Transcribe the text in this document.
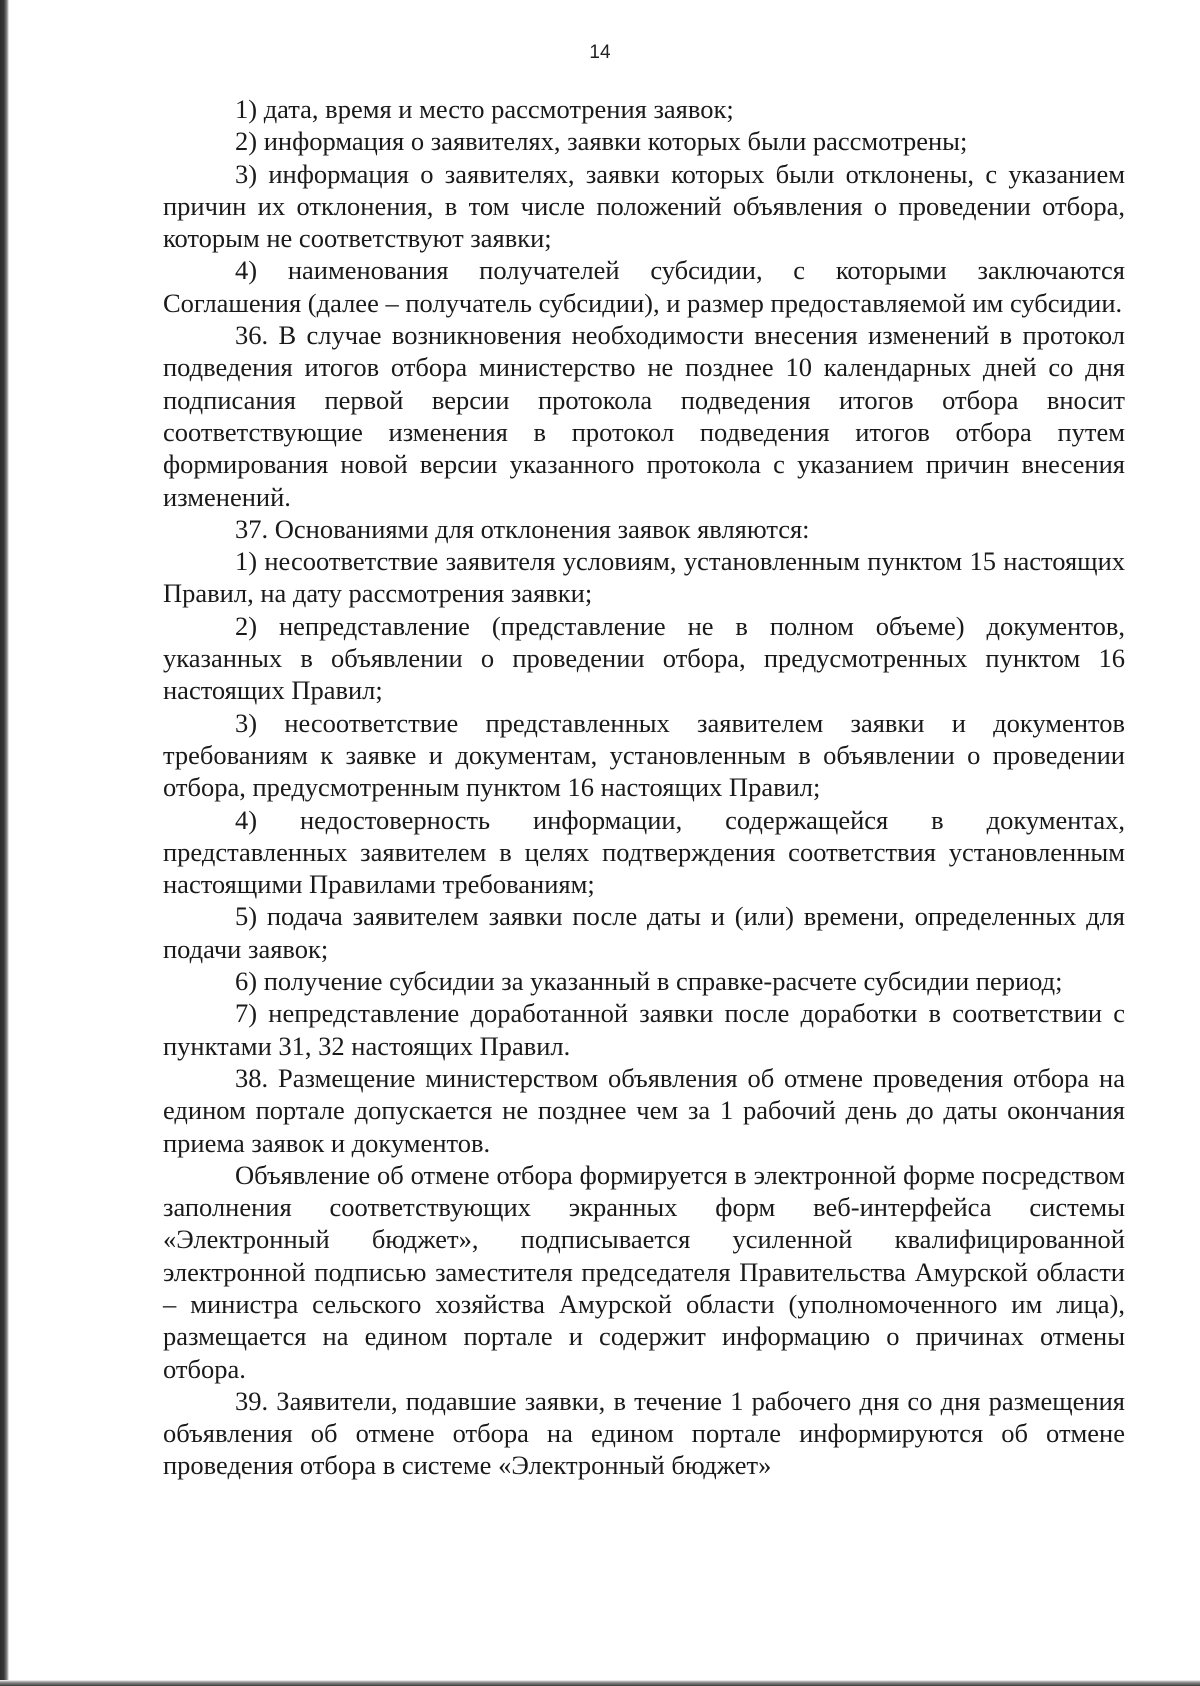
14

1) дата, время и место рассмотрения заявок;

2) информация о заявителях, заявки которых были рассмотрены;

3) информация о заявителях, заявки которых были отклонены, с указанием причин их отклонения, в том числе положений объявления о проведении отбора, которым не соответствуют заявки;

4) наименования получателей субсидии, с которыми заключаются Соглашения (далее – получатель субсидии), и размер предоставляемой им субсидии.

36. В случае возникновения необходимости внесения изменений в протокол подведения итогов отбора министерство не позднее 10 календарных дней со дня подписания первой версии протокола подведения итогов отбора вносит соответствующие изменения в протокол подведения итогов отбора путем формирования новой версии указанного протокола с указанием причин внесения изменений.

37. Основаниями для отклонения заявок являются:

1) несоответствие заявителя условиям, установленным пунктом 15 настоящих Правил, на дату рассмотрения заявки;

2) непредставление (представление не в полном объеме) документов, указанных в объявлении о проведении отбора, предусмотренных пунктом 16 настоящих Правил;

3) несоответствие представленных заявителем заявки и документов требованиям к заявке и документам, установленным в объявлении о проведении отбора, предусмотренным пунктом 16 настоящих Правил;

4) недостоверность информации, содержащейся в документах, представленных заявителем в целях подтверждения соответствия установленным настоящими Правилами требованиям;

5) подача заявителем заявки после даты и (или) времени, определенных для подачи заявок;

6) получение субсидии за указанный в справке-расчете субсидии период;

7) непредставление доработанной заявки после доработки в соответствии с пунктами 31, 32 настоящих Правил.

38. Размещение министерством объявления об отмене проведения отбора на едином портале допускается не позднее чем за 1 рабочий день до даты окончания приема заявок и документов.

Объявление об отмене отбора формируется в электронной форме посредством заполнения соответствующих экранных форм веб-интерфейса системы «Электронный бюджет», подписывается усиленной квалифицированной электронной подписью заместителя председателя Правительства Амурской области – министра сельского хозяйства Амурской области (уполномоченного им лица), размещается на едином портале и содержит информацию о причинах отмены отбора.

39. Заявители, подавшие заявки, в течение 1 рабочего дня со дня размещения объявления об отмене отбора на едином портале информируются об отмене проведения отбора в системе «Электронный бюджет»
